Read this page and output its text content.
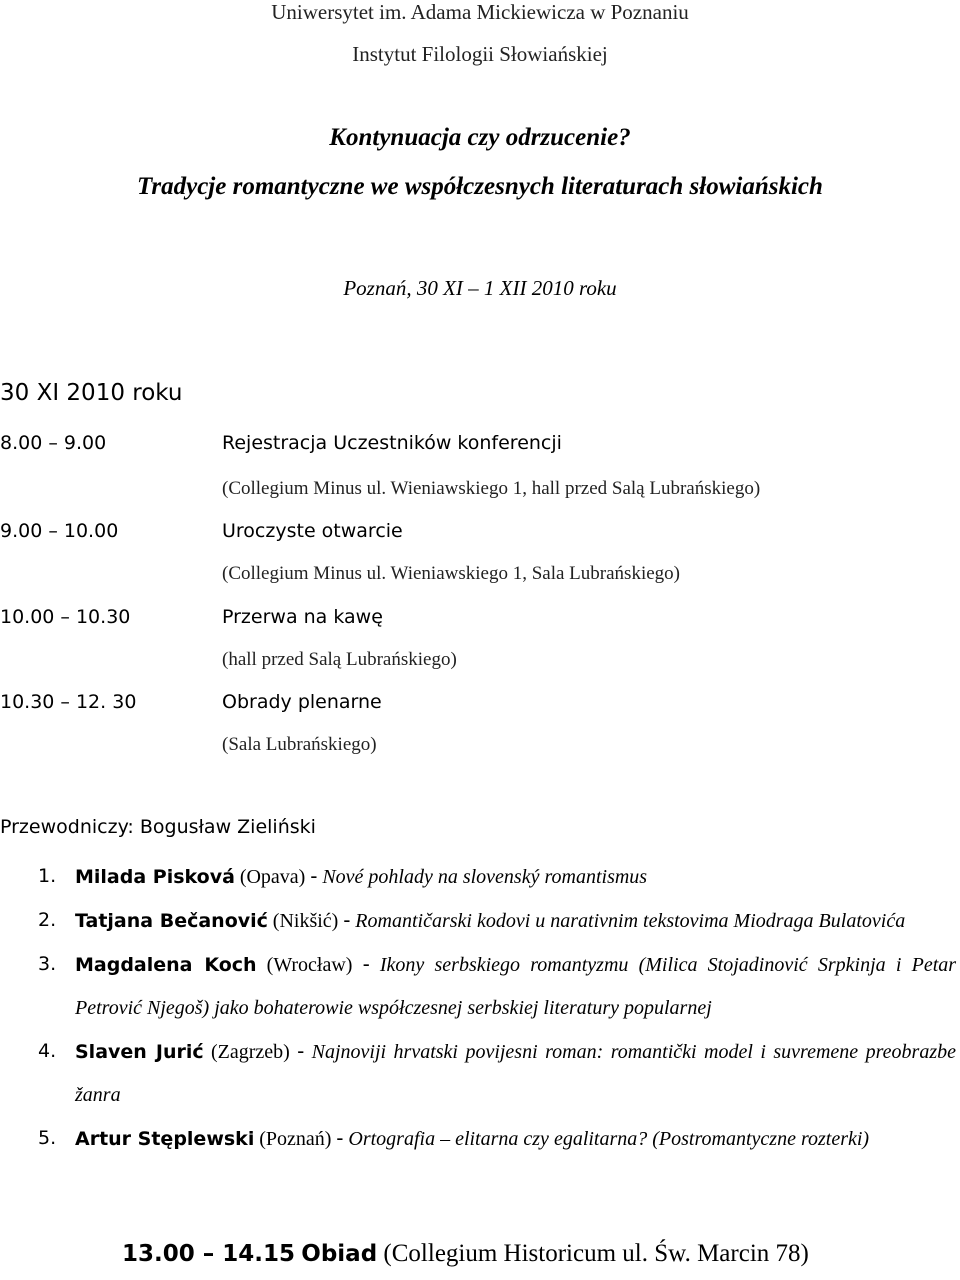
Uniwersytet im. Adama Mickiewicza w Poznaniu
Instytut Filologii Słowiańskiej
Kontynuacja czy odrzucenie?
Tradycje romantyczne we współczesnych literaturach słowiańskich
Poznań, 30 XI – 1 XII 2010 roku
30 XI 2010 roku
8.00 – 9.00	Rejestracja Uczestników konferencji
(Collegium Minus ul. Wieniawskiego 1, hall przed Salą Lubrańskiego)
9.00 – 10.00	Uroczyste otwarcie
(Collegium Minus ul. Wieniawskiego 1, Sala Lubrańskiego)
10.00 – 10.30	Przerwa na kawę
(hall przed Salą Lubrańskiego)
10.30 – 12. 30	Obrady plenarne
(Sala Lubrańskiego)
Przewodniczy: Bogusław Zieliński
1. Milada Pisková (Opava) - Nové pohlady na slovenský romantismus
2. Tatjana Bečanović (Nikšić) - Romantičarski kodovi u narativnim tekstovima Miodraga Bulatovića
3. Magdalena Koch (Wrocław) - Ikony serbskiego romantyzmu (Milica Stojadinović Srpkinja i Petar Petrović Njegoš) jako bohaterowie współczesnej serbskiej literatury popularnej
4. Slaven Jurić (Zagrzeb) - Najnoviji hrvatski povijesni roman: romantički model i suvremene preobrazbe žanra
5. Artur Stęplewski (Poznań) - Ortografia – elitarna czy egalitarna? (Postromantyczne rozterki)
13.00 – 14.15 Obiad (Collegium Historicum ul. Św. Marcin 78)
